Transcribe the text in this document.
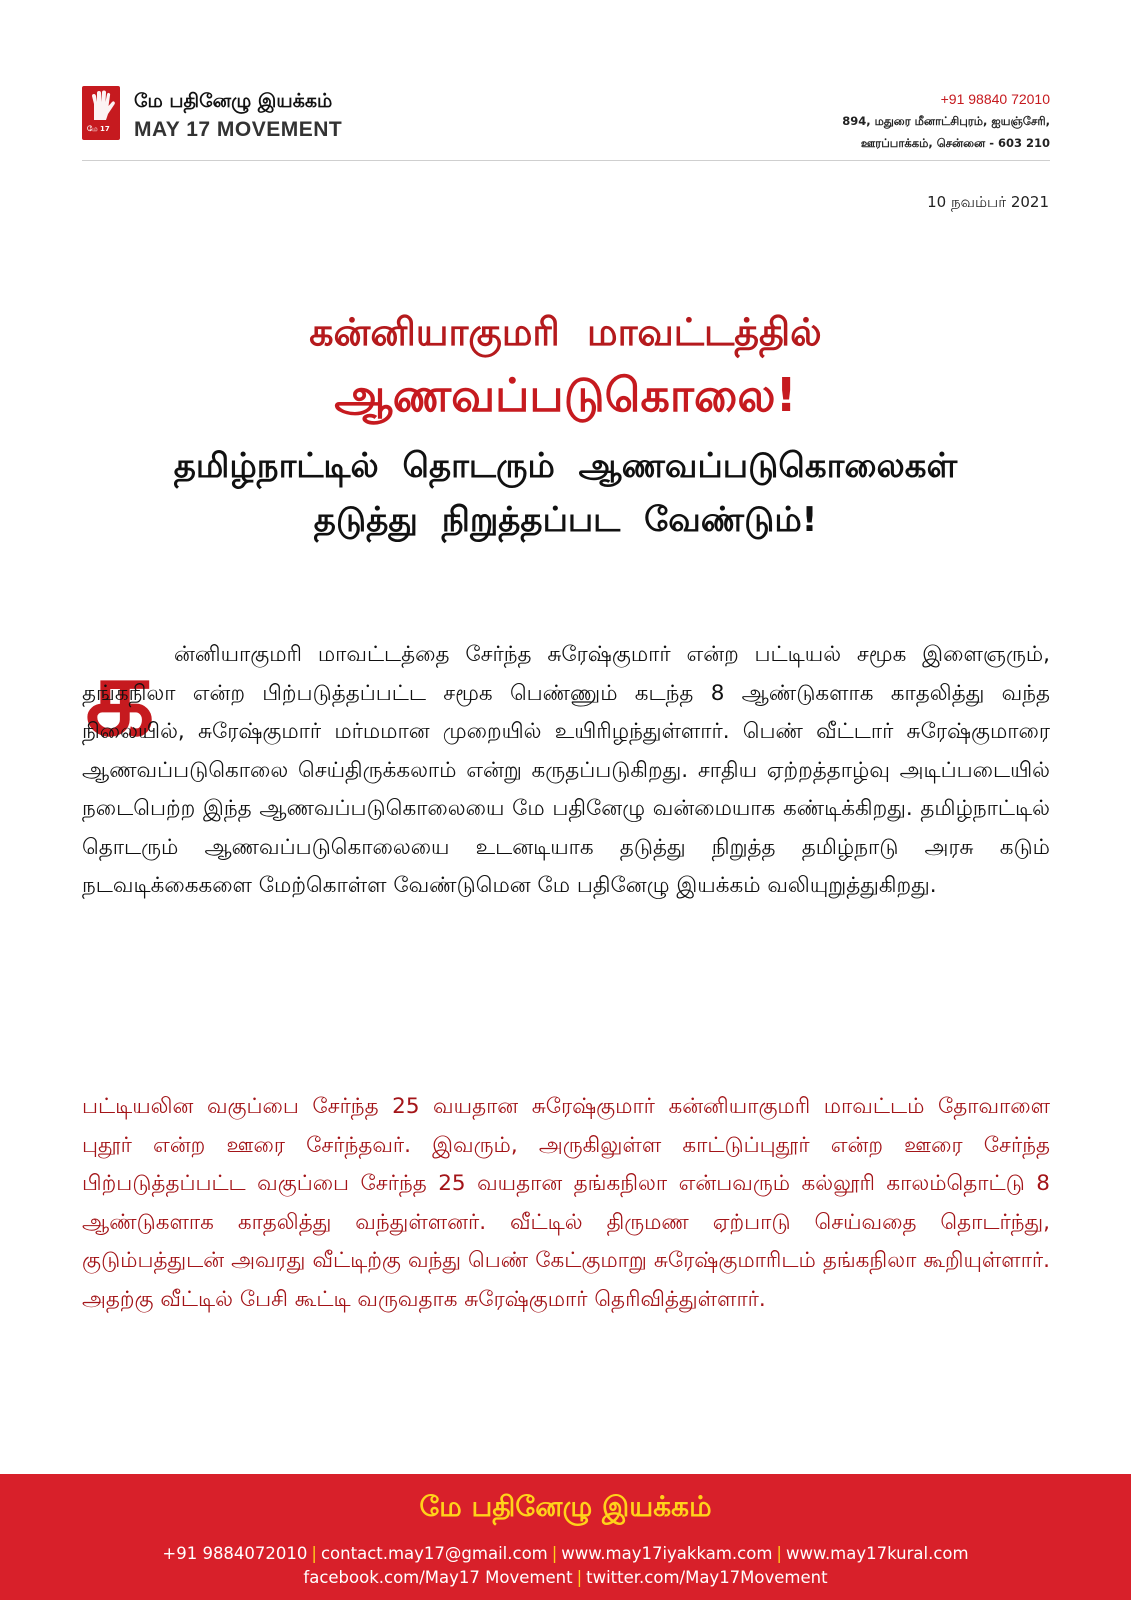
மே 17
மே பதினேழு இயக்கம்
MAY 17 MOVEMENT
+91 98840 72010
894, மதுரை மீனாட்சிபுரம், ஐயஞ்சேரி,
ஊரப்பாக்கம், சென்னை - 603 210
10 நவம்பர் 2021
கன்னியாகுமரி மாவட்டத்தில்
ஆணவப்படுகொலை!
தமிழ்நாட்டில் தொடரும் ஆணவப்படுகொலைகள்
தடுத்து நிறுத்தப்பட வேண்டும்!
க ன்னியாகுமரி மாவட்டத்தை சேர்ந்த சுரேஷ்குமார் என்ற பட்டியல் சமூக இளைஞரும், தங்கநிலா என்ற பிற்படுத்தப்பட்ட சமூக பெண்ணும் கடந்த 8 ஆண்டுகளாக காதலித்து வந்த நிலையில், சுரேஷ்குமார் மர்மமான முறையில் உயிரிழந்துள்ளார். பெண் வீட்டார் சுரேஷ்குமாரை ஆணவப்படுகொலை செய்திருக்கலாம் என்று கருதப்படுகிறது. சாதிய ஏற்றத்தாழ்வு அடிப்படையில் நடைபெற்ற இந்த ஆணவப்படுகொலையை மே பதினேழு வன்மையாக கண்டிக்கிறது. தமிழ்நாட்டில் தொடரும் ஆணவப்படுகொலையை உடனடியாக தடுத்து நிறுத்த தமிழ்நாடு அரசு கடும் நடவடிக்கைகளை மேற்கொள்ள வேண்டுமென மே பதினேழு இயக்கம் வலியுறுத்துகிறது.

பட்டியலின வகுப்பை சேர்ந்த 25 வயதான சுரேஷ்குமார் கன்னியாகுமரி மாவட்டம் தோவாளை புதூர் என்ற ஊரை சேர்ந்தவர். இவரும், அருகிலுள்ள காட்டுப்புதூர் என்ற ஊரை சேர்ந்த பிற்படுத்தப்பட்ட வகுப்பை சேர்ந்த 25 வயதான தங்கநிலா என்பவரும் கல்லூரி காலம்தொட்டு 8 ஆண்டுகளாக காதலித்து வந்துள்ளனர். வீட்டில் திருமண ஏற்பாடு செய்வதை தொடர்ந்து, குடும்பத்துடன் அவரது வீட்டிற்கு வந்து பெண் கேட்குமாறு சுரேஷ்குமாரிடம் தங்கநிலா கூறியுள்ளார். அதற்கு வீட்டில் பேசி கூட்டி வருவதாக சுரேஷ்குமார் தெரிவித்துள்ளார்.

மே பதினேழு இயக்கம்
+91 9884072010 | contact.may17@gmail.com | www.may17iyakkam.com | www.may17kural.com
facebook.com/May17 Movement | twitter.com/May17Movement
